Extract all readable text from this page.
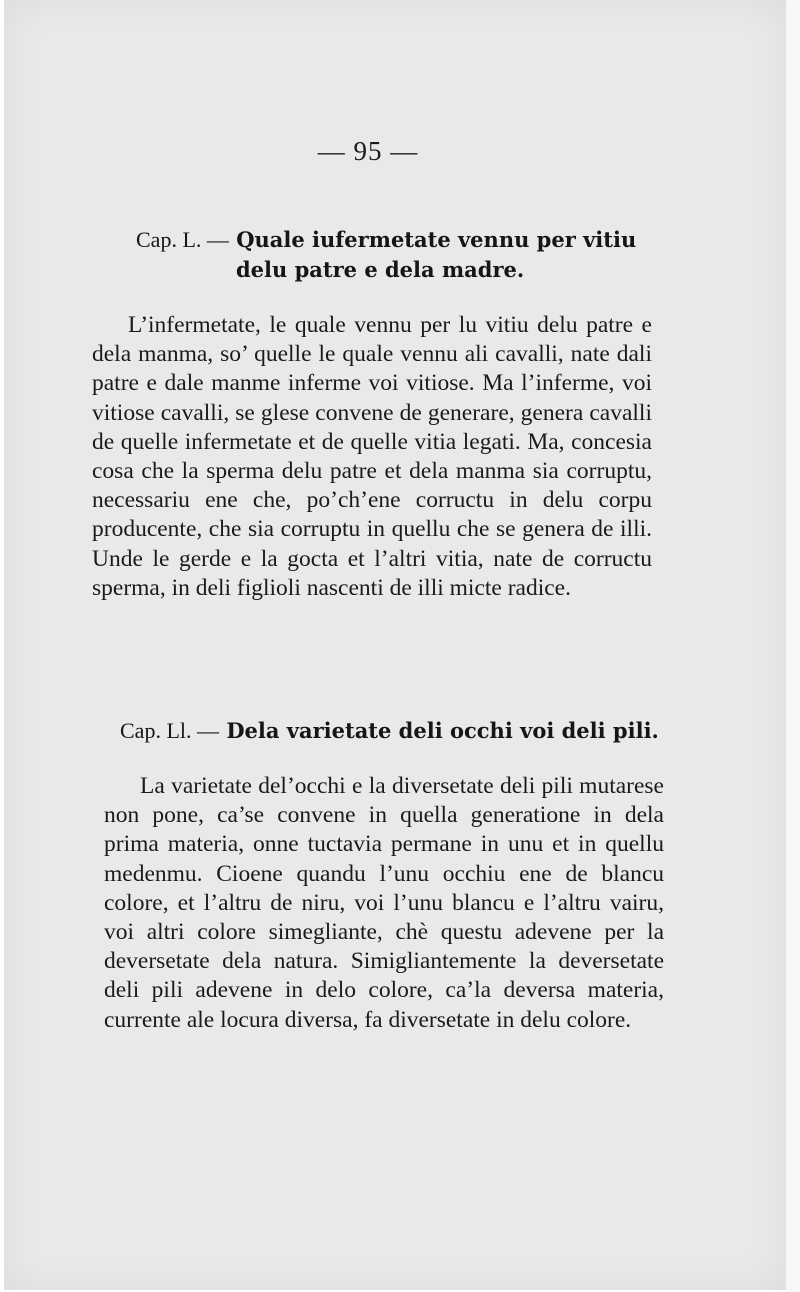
— 95 —
Cap. L. — Quale iufermetate vennu per vitiu
delu patre e dela madre.

L’infermetate, le quale vennu per lu vitiu delu patre e dela manma, so’ quelle le quale vennu ali cavalli, nate dali patre e dale manme inferme voi vitiose. Ma l’inferme, voi vitiose cavalli, se glese convene de generare, genera cavalli de quelle infermetate et de quelle vitia legati. Ma, concesia cosa che la sperma delu patre et dela manma sia corruptu, necessariu ene che, po’ch’ene corructu in delu corpu producente, che sia corruptu in quellu che se genera de illi. Unde le gerde e la gocta et l’altri vitia, nate de corructu sperma, in deli figlioli nascenti de illi micte radice.

Cap. Ll. — Dela varietate deli occhi voi deli pili.

La varietate del’occhi e la diversetate deli pili mutarese non pone, ca’se convene in quella generatione in dela prima materia, onne tuctavia permane in unu et in quellu medenmu. Cioene quandu l’unu occhiu ene de blancu colore, et l’altru de niru, voi l’unu blancu e l’altru vairu, voi altri colore simegliante, chè questu adevene per la deversetate dela natura. Simigliantemente la deversetate deli pili adevene in delo colore, ca’la deversa materia, currente ale locura diversa, fa diversetate in delu colore.
